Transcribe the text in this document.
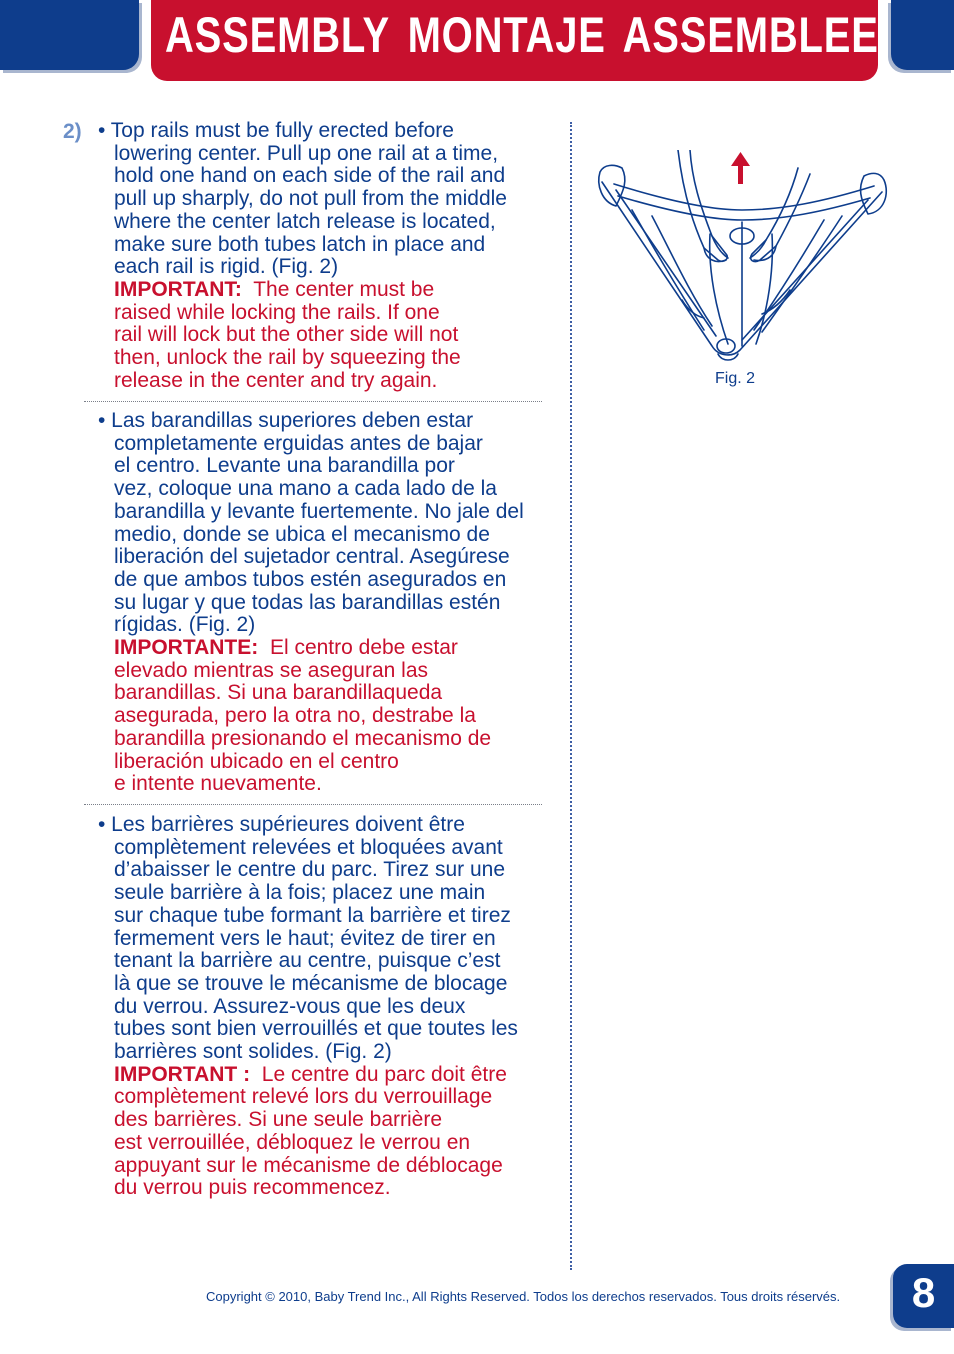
ASSEMBLY MONTAJE ASSEMBLEE
2) • Top rails must be fully erected before
lowering center. Pull up one rail at a time,
hold one hand on each side of the rail and
pull up sharply, do not pull from the middle
where the center latch release is located,
make sure both tubes latch in place and
each rail is rigid. (Fig. 2)
IMPORTANT: The center must be
raised while locking the rails. If one
rail will lock but the other side will not
then, unlock the rail by squeezing the
release in the center and try again.
• Las barandillas superiores deben estar
completamente erguidas antes de bajar
el centro. Levante una barandilla por
vez, coloque una mano a cada lado de la
barandilla y levante fuertemente. No jale del
medio, donde se ubica el mecanismo de
liberación del sujetador central. Asegúrese
de que ambos tubos estén asegurados en
su lugar y que todas las barandillas estén
rígidas. (Fig. 2)
IMPORTANTE: El centro debe estar
elevado mientras se aseguran las
barandillas. Si una barandillaqueda
asegurada, pero la otra no, destrabe la
barandilla presionando el mecanismo de
liberación ubicado en el centro
e intente nuevamente.
• Les barrières supérieures doivent être
complètement relevées et bloquées avant
d’abaisser le centre du parc. Tirez sur une
seule barrière à la fois; placez une main
sur chaque tube formant la barrière et tirez
fermement vers le haut; évitez de tirer en
tenant la barrière au centre, puisque c’est
là que se trouve le mécanisme de blocage
du verrou. Assurez-vous que les deux
tubes sont bien verrouillés et que toutes les
barrières sont solides. (Fig. 2)
IMPORTANT : Le centre du parc doit être
complètement relevé lors du verrouillage
des barrières. Si une seule barrière
est verrouillée, débloquez le verrou en
appuyant sur le mécanisme de déblocage
du verrou puis recommencez.
Fig. 2
Copyright © 2010, Baby Trend Inc., All Rights Reserved. Todos los derechos reservados. Tous droits réservés.	8
